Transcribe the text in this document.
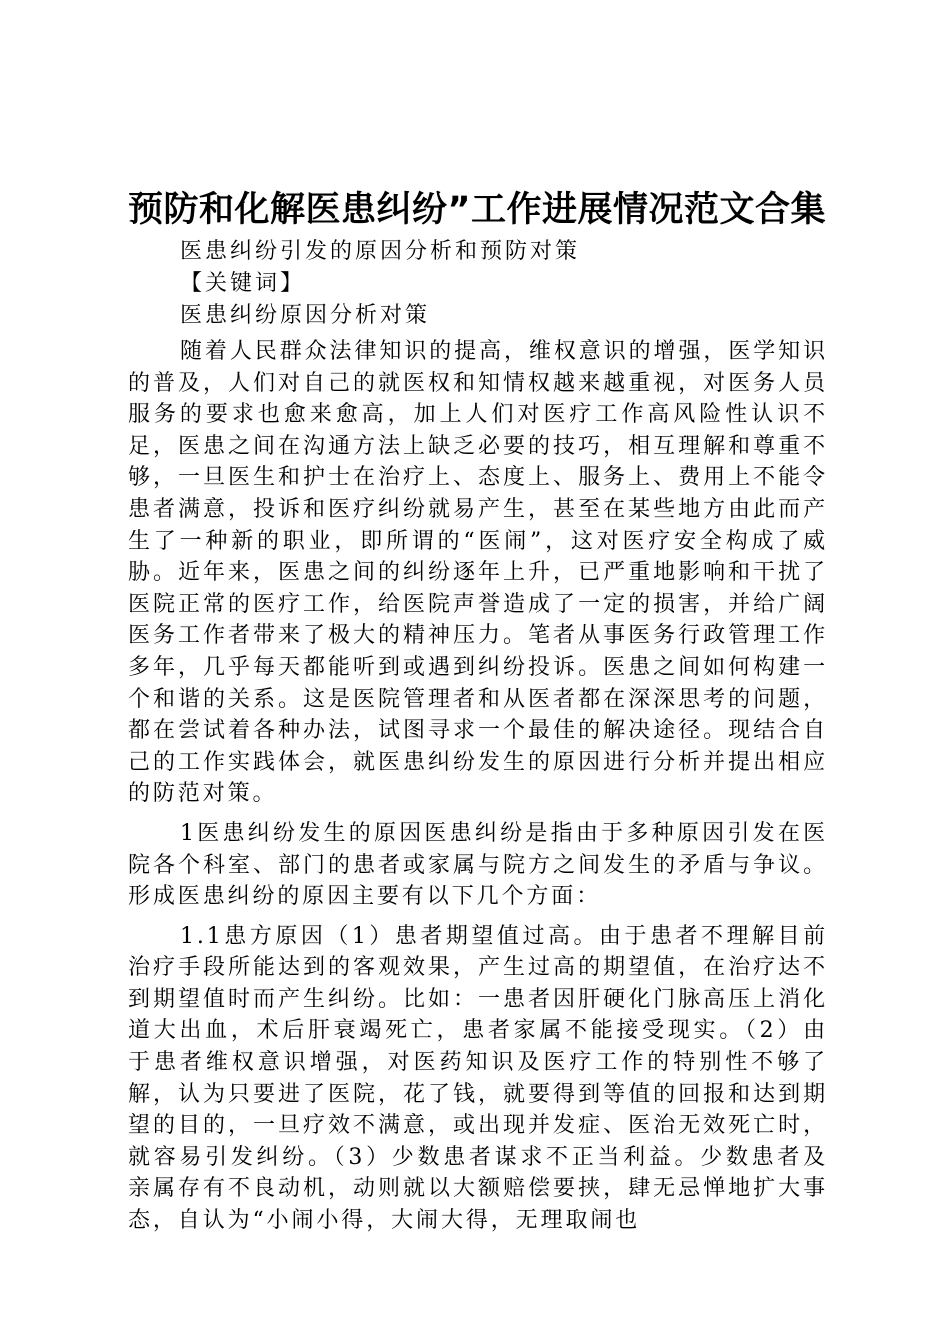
预防和化解医患纠纷”工作进展情况范文合集

医患纠纷引发的原因分析和预防对策

【关键词】

医患纠纷原因分析对策

随着人民群众法律知识的提高，维权意识的增强，医学知识的普及，人们对自己的就医权和知情权越来越重视，对医务人员服务的要求也愈来愈高，加上人们对医疗工作高风险性认识不足，医患之间在沟通方法上缺乏必要的技巧，相互理解和尊重不够，一旦医生和护士在治疗上、态度上、服务上、费用上不能令患者满意，投诉和医疗纠纷就易产生，甚至在某些地方由此而产生了一种新的职业，即所谓的“医闹”，这对医疗安全构成了威胁。近年来，医患之间的纠纷逐年上升，已严重地影响和干扰了医院正常的医疗工作，给医院声誉造成了一定的损害，并给广阔医务工作者带来了极大的精神压力。笔者从事医务行政管理工作多年，几乎每天都能听到或遇到纠纷投诉。医患之间如何构建一个和谐的关系。这是医院管理者和从医者都在深深思考的问题，都在尝试着各种办法，试图寻求一个最佳的解决途径。现结合自己的工作实践体会，就医患纠纷发生的原因进行分析并提出相应的防范对策。

1医患纠纷发生的原因医患纠纷是指由于多种原因引发在医院各个科室、部门的患者或家属与院方之间发生的矛盾与争议。形成医患纠纷的原因主要有以下几个方面：

1.1患方原因（1）患者期望值过高。由于患者不理解目前治疗手段所能达到的客观效果，产生过高的期望值，在治疗达不到期望值时而产生纠纷。比如：一患者因肝硬化门脉高压上消化道大出血，术后肝衰竭死亡，患者家属不能接受现实。（2）由于患者维权意识增强，对医药知识及医疗工作的特别性不够了解，认为只要进了医院，花了钱，就要得到等值的回报和达到期望的目的，一旦疗效不满意，或出现并发症、医治无效死亡时，就容易引发纠纷。（3）少数患者谋求不正当利益。少数患者及亲属存有不良动机，动则就以大额赔偿要挟，肆无忌惮地扩大事态，自认为“小闹小得，大闹大得，无理取闹也
